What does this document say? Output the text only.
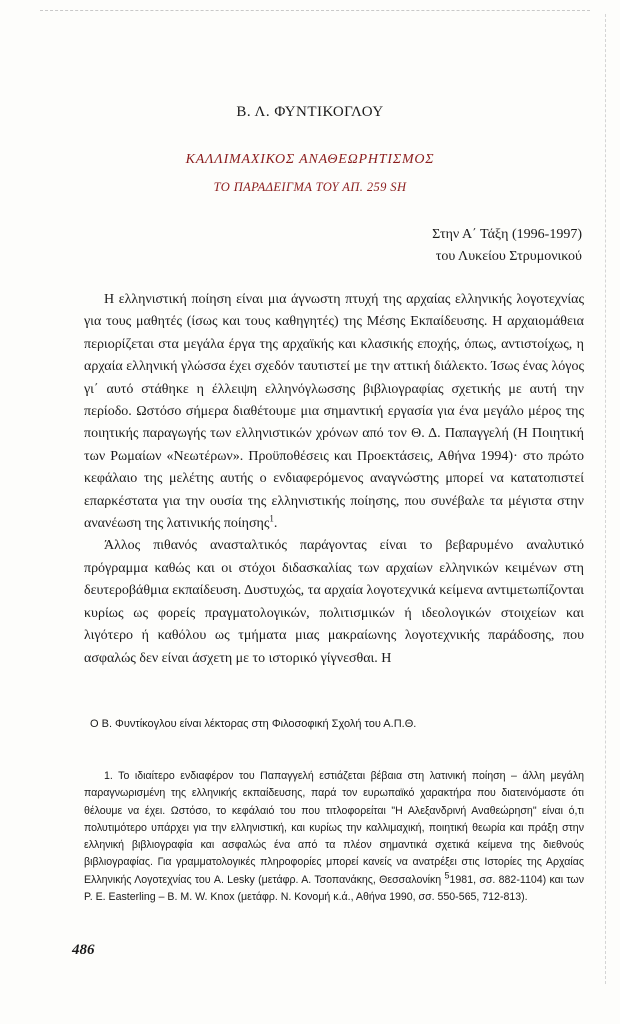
Β. Λ. ΦΥΝΤΙΚΟΓΛΟΥ
ΚΑΛΛΙΜΑΧΙΚΟΣ ΑΝΑΘΕΩΡΗΤΙΣΜΟΣ
ΤΟ ΠΑΡΑΔΕΙΓΜΑ ΤΟΥ ΑΠ. 259 SH
Στην Α΄ Τάξη (1996-1997)
του Λυκείου Στρυμονικού

Η ελληνιστική ποίηση είναι μια άγνωστη πτυχή της αρχαίας ελληνικής λογοτεχνίας για τους μαθητές (ίσως και τους καθηγητές) της Μέσης Εκπαίδευσης. Η αρχαιομάθεια περιορίζεται στα μεγάλα έργα της αρχαϊκής και κλασικής εποχής, όπως, αντιστοίχως, η αρχαία ελληνική γλώσσα έχει σχεδόν ταυτιστεί με την αττική διάλεκτο. Ίσως ένας λόγος γι΄ αυτό στάθηκε η έλλειψη ελληνόγλωσσης βιβλιογραφίας σχετικής με αυτή την περίοδο. Ωστόσο σήμερα διαθέτουμε μια σημαντική εργασία για ένα μεγάλο μέρος της ποιητικής παραγωγής των ελληνιστικών χρόνων από τον Θ. Δ. Παπαγγελή (Η Ποιητική των Ρωμαίων «Νεωτέρων». Προϋποθέσεις και Προεκτάσεις, Αθήνα 1994)· στο πρώτο κεφάλαιο της μελέτης αυτής ο ενδιαφερόμενος αναγνώστης μπορεί να κατατοπιστεί επαρκέστατα για την ουσία της ελληνιστικής ποίησης, που συνέβαλε τα μέγιστα στην ανανέωση της λατινικής ποίησης$^1$.

Άλλος πιθανός ανασταλτικός παράγοντας είναι το βεβαρυμένο αναλυτικό πρόγραμμα καθώς και οι στόχοι διδασκαλίας των αρχαίων ελληνικών κειμένων στη δευτεροβάθμια εκπαίδευση. Δυστυχώς, τα αρχαία λογοτεχνικά κείμενα αντιμετωπίζονται κυρίως ως φορείς πραγματολογικών, πολιτισμικών ή ιδεολογικών στοιχείων και λιγότερο ή καθόλου ως τμήματα μιας μακραίωνης λογοτεχνικής παράδοσης, που ασφαλώς δεν είναι άσχετη με το ιστορικό γίγνεσθαι. Η

Ο Β. Φυντίκογλου είναι λέκτορας στη Φιλοσοφική Σχολή του Α.Π.Θ.
1. Το ιδιαίτερο ενδιαφέρον του Παπαγγελή εστιάζεται βέβαια στη λατινική ποίηση – άλλη μεγάλη παραγνωρισμένη της ελληνικής εκπαίδευσης, παρά τον ευρωπαϊκό χαρακτήρα που διατεινόμαστε ότι θέλουμε να έχει. Ωστόσο, το κεφάλαιό του που τιτλοφορείται "Η Αλεξανδρινή Αναθεώρηση" είναι ό,τι πολυτιμότερο υπάρχει για την ελληνιστική, και κυρίως την καλλιμαχική, ποιητική θεωρία και πράξη στην ελληνική βιβλιογραφία και ασφαλώς ένα από τα πλέον σημαντικά σχετικά κείμενα της διεθνούς βιβλιογραφίας. Για γραμματολογικές πληροφορίες μπορεί κανείς να ανατρέξει στις Ιστορίες της Αρχαίας Ελληνικής Λογοτεχνίας του A. Lesky (μετάφρ. Α. Τσοπανάκης, Θεσσαλονίκη $^5$1981, σσ. 882-1104) και των P. E. Easterling – B. M. W. Knox (μετάφρ. Ν. Κονομή κ.ά., Αθήνα 1990, σσ. 550-565, 712-813).
486
